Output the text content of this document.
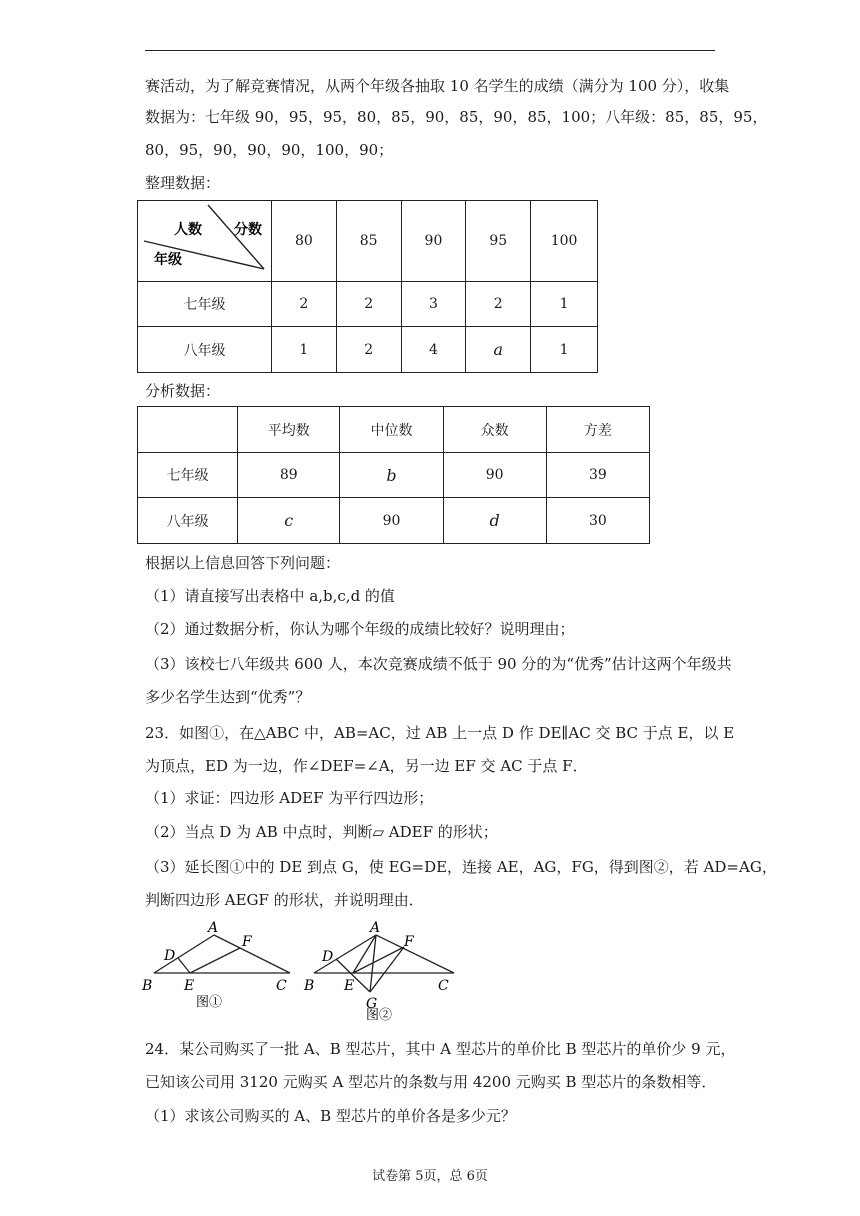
赛活动，为了解竞赛情况，从两个年级各抽取 10 名学生的成绩（满分为 100 分），收集
数据为：七年级 90，95，95，80，85，90，85，90，85，100；八年级：85，85，95，
80，95，90，90，90，100，90；
整理数据：
人数 分数
年级	80	85	90	95	100
七年级	2	2	3	2	1
八年级	1	2	4	a	1
分析数据：
	平均数	中位数	众数	方差
七年级	89	b	90	39
八年级	c	90	d	30
根据以上信息回答下列问题：
（1）请直接写出表格中 a,b,c,d 的值
（2）通过数据分析，你认为哪个年级的成绩比较好？说明理由；
（3）该校七八年级共 600 人，本次竞赛成绩不低于 90 分的为“优秀”估计这两个年级共
多少名学生达到“优秀”？
23．如图①，在△ABC 中，AB=AC，过 AB 上一点 D 作 DE∥AC 交 BC 于点 E，以 E
为顶点，ED 为一边，作∠DEF=∠A，另一边 EF 交 AC 于点 F．
（1）求证：四边形 ADEF 为平行四边形；
（2）当点 D 为 AB 中点时，判断▱ ADEF 的形状；
（3）延长图①中的 DE 到点 G，使 EG=DE，连接 AE，AG，FG，得到图②，若 AD=AG，
判断四边形 AEGF 的形状，并说明理由．
A
B	C
D
E
F
图①
A
B	C
D
E
F
G
图②
24．某公司购买了一批 A、B 型芯片，其中 A 型芯片的单价比 B 型芯片的单价少 9 元，
已知该公司用 3120 元购买 A 型芯片的条数与用 4200 元购买 B 型芯片的条数相等．
（1）求该公司购买的 A、B 型芯片的单价各是多少元？
试卷第 5页，总 6页
